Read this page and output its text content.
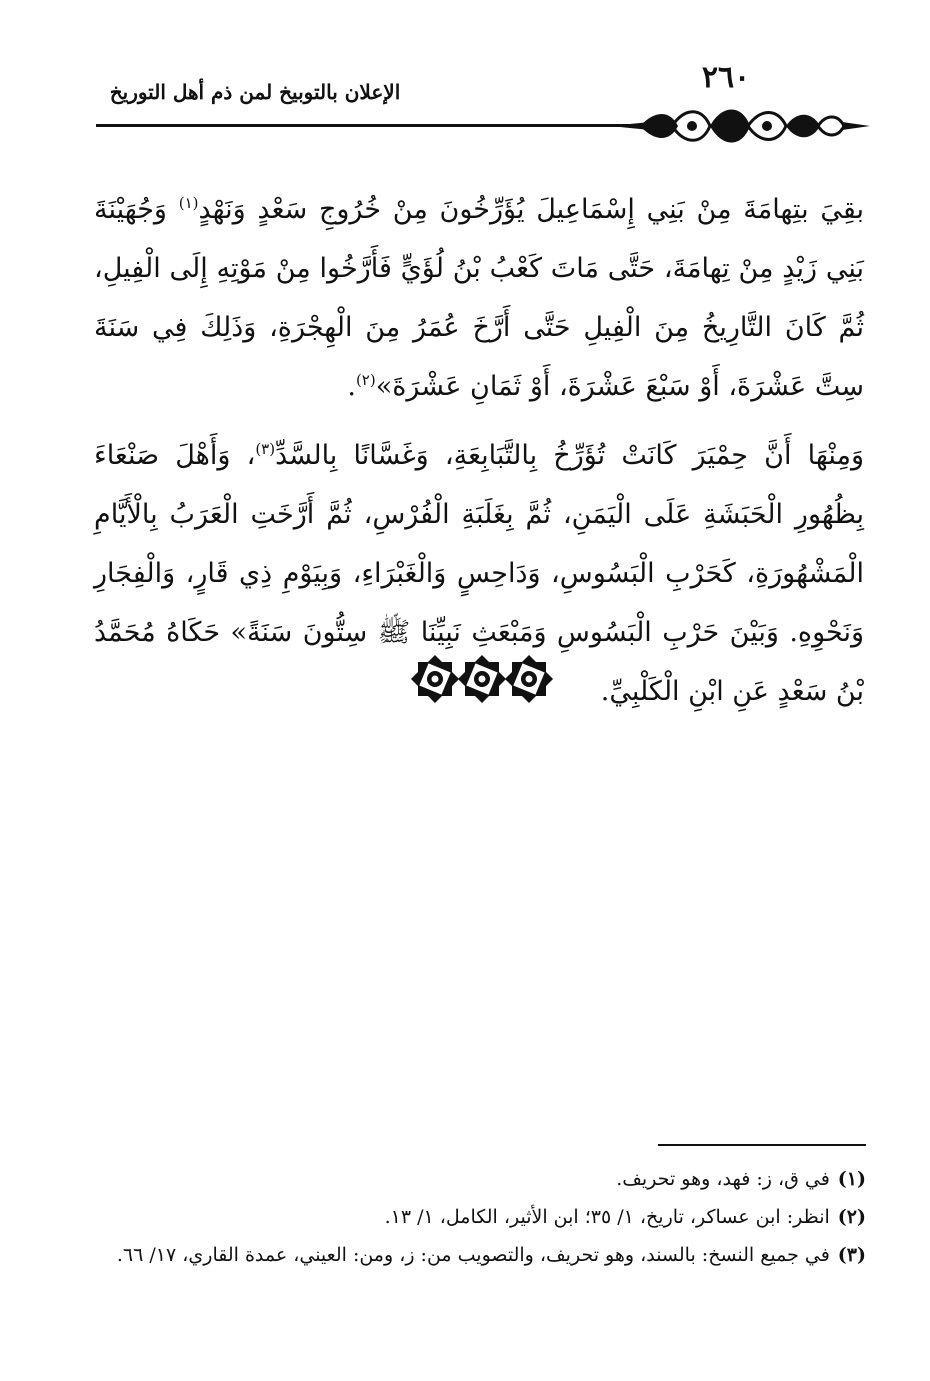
٢٦٠
الإعلان بالتوبيخ لمن ذم أهل التوريخ

بقِيَ بتِهامَةَ مِنْ بَنِي إِسْمَاعِيلَ يُؤَرِّخُونَ مِنْ خُرُوجِ سَعْدٍ وَنَهْدٍ$^{(١)}$ وَجُهَيْنَةَ بَنِي زَيْدٍ مِنْ تِهامَةَ، حَتَّى مَاتَ كَعْبُ بْنُ لُؤَيٍّ فَأَرَّخُوا مِنْ مَوْتِهِ إِلَى الْفِيلِ، ثُمَّ كَانَ التَّارِيخُ مِنَ الْفِيلِ حَتَّى أَرَّخَ عُمَرُ مِنَ الْهِجْرَةِ، وَذَلِكَ فِي سَنَةَ سِتَّ عَشْرَةَ، أَوْ سَبْعَ عَشْرَةَ، أَوْ ثَمَانِ عَشْرَةَ»$^{(٢)}$.

وَمِنْهَا أَنَّ حِمْيَرَ كَانَتْ تُؤَرِّخُ بِالتَّبَابِعَةِ، وَغَسَّانًا بِالسَّدِّ$^{(٣)}$، وَأَهْلَ صَنْعَاءَ بِظُهُورِ الْحَبَشَةِ عَلَى الْيَمَنِ، ثُمَّ بِغَلَبَةِ الْفُرْسِ، ثُمَّ أَرَّخَتِ الْعَرَبُ بِالْأَيَّامِ الْمَشْهُورَةِ، كَحَرْبِ الْبَسُوسِ، وَدَاحِسٍ وَالْغَبْرَاءِ، وَبِيَوْمِ ذِي قَارٍ، وَالْفِجَارِ وَنَحْوِهِ. وَبَيْنَ حَرْبِ الْبَسُوسِ وَمَبْعَثِ نَبِيِّنَا ﷺ سِتُّونَ سَنَةً» حَكَاهُ مُحَمَّدُ بْنُ سَعْدٍ عَنِ ابْنِ الْكَلْبِيِّ.

(١)
في ق، ز: فهد، وهو تحريف.

(٢)
انظر: ابن عساكر، تاريخ، ١/ ٣٥؛ ابن الأثير، الكامل، ١/ ١٣.

(٣)
في جميع النسخ: بالسند، وهو تحريف، والتصويب من: ز، ومن: العيني، عمدة القاري، ١٧/ ٦٦.
